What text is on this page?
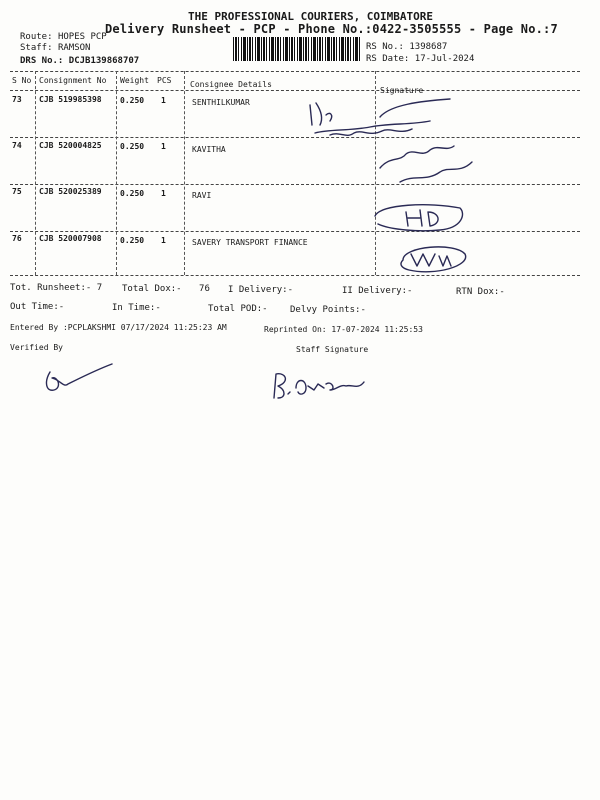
THE PROFESSIONAL COURIERS, COIMBATORE
Delivery Runsheet - PCP - Phone No.:0422-3505555 - Page No.:7
Route: HOPES PCP
Staff: RAMSON
DRS No.: DCJB139868707
RS No.: 1398687
RS Date: 17-Jul-2024
S No Consignment No Weight PCS Consignee Details
Signature
73 CJB 519985398 0.250 1	SENTHILKUMAR
74 CJB 520004825 0.250 1	KAVITHA
75 CJB 520025389 0.250 1	RAVI
76 CJB 520007908 0.250 1	SAVERY TRANSPORT FINANCE
Tot. Runsheet:- 7 Total Dox:- 76 I Delivery:-	II Delivery:-	RTN Dox:-
Out Time:-	In Time:-	Total POD:- Delvy Points:-
Entered By :PCPLAKSHMI 07/17/2024 11:25:23 AM	Reprinted On: 17-07-2024 11:25:53
Verified By	Staff Signature
